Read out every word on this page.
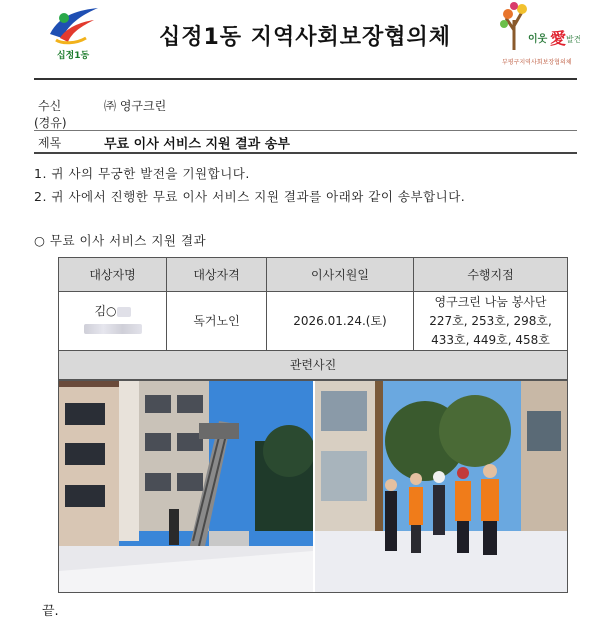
십정1동
십정1동 지역사회보장협의체	이웃 愛 발견
부평구지역사회보장협의체
수신	㈜ 영구크린
(경유)
제목	무료 이사 서비스 지원 결과 송부
1. 귀 사의 무궁한 발전을 기원합니다.
2. 귀 사에서 진행한 무료 이사 서비스 지원 결과를 아래와 같이 송부합니다.
○ 무료 이사 서비스 지원 결과
대상자명	대상자격	이사지원일	수행지점
김○	독거노인	2026.01.24.(토)	영구크린 나눔 봉사단
227호, 253호, 298호,
433호, 449호, 458호
관련사진
끝.
